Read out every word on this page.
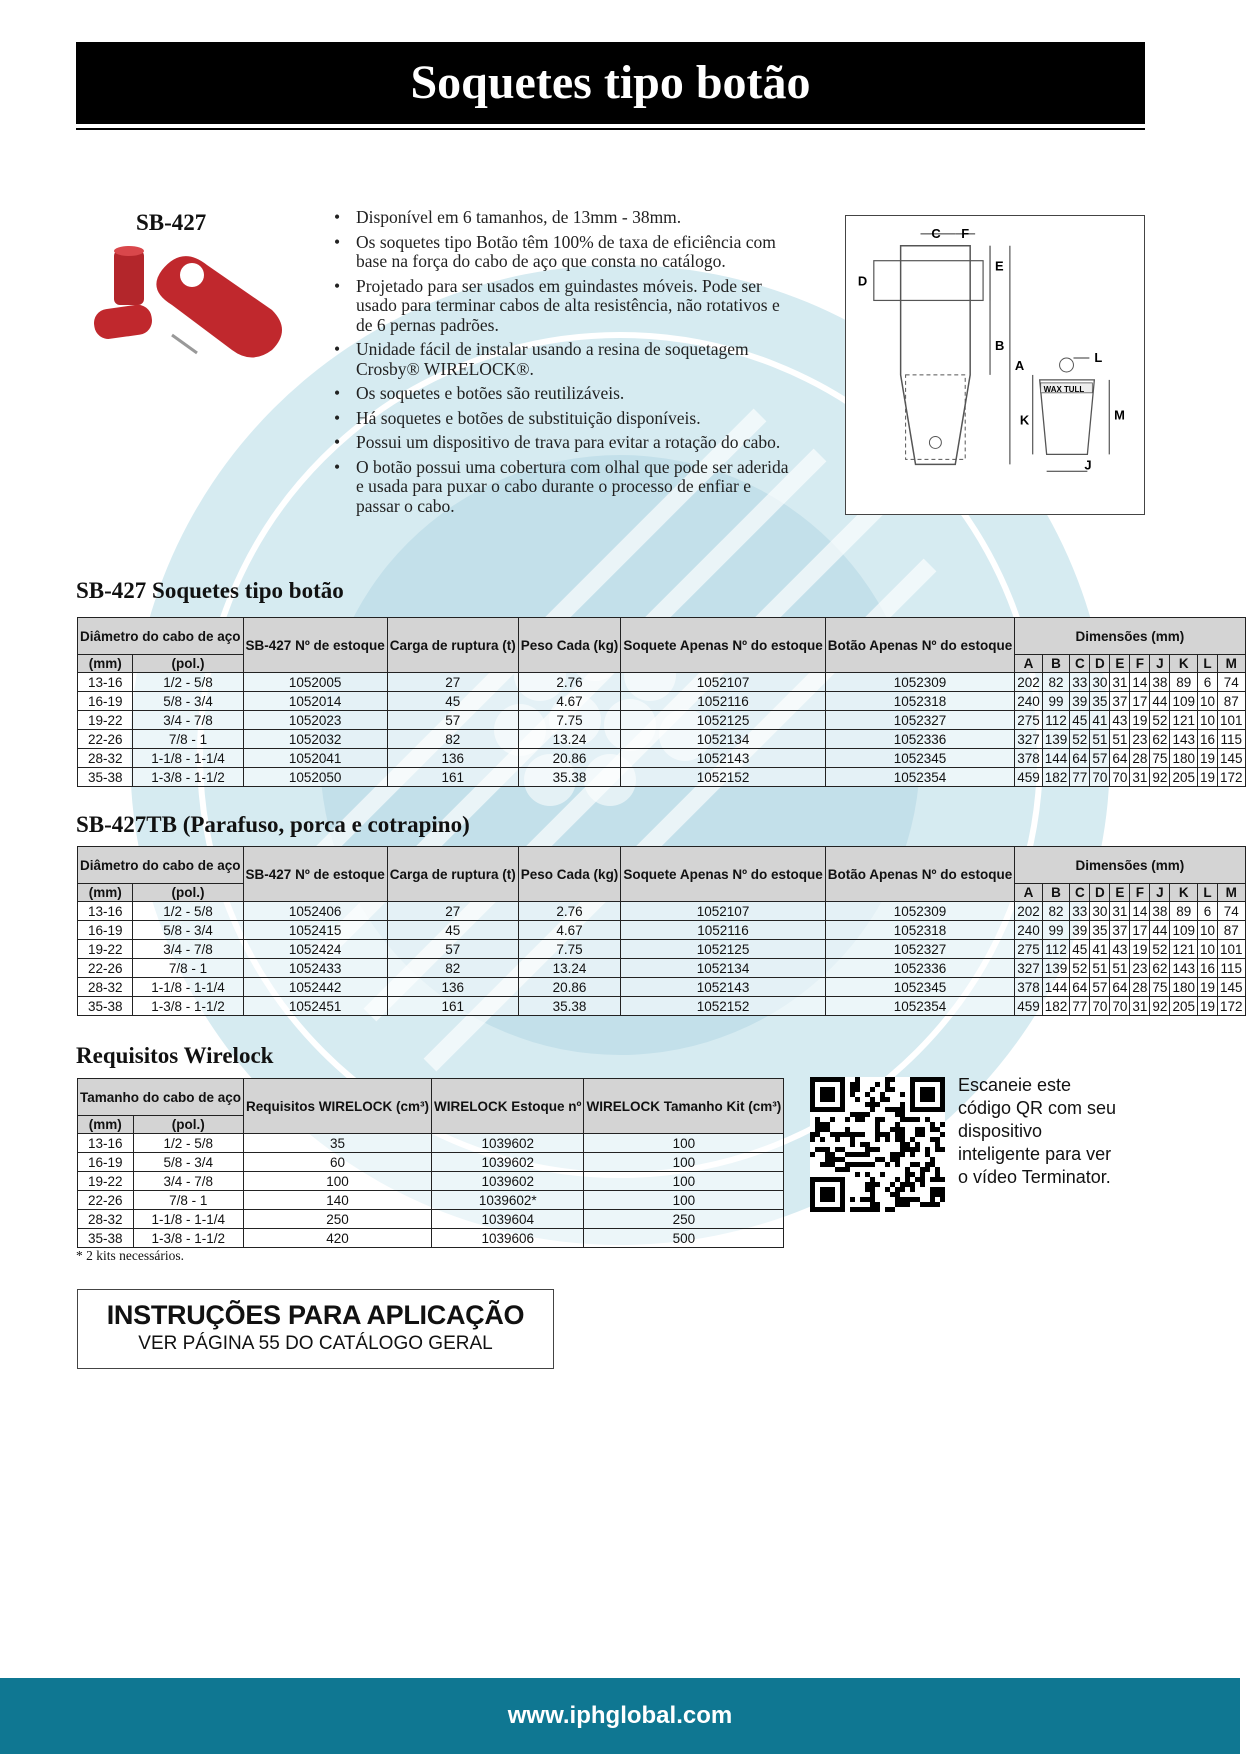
Soquetes tipo botão
SB-427	• Disponível em 6 tamanhos, de 13mm - 38mm.
• Os soquetes tipo Botão têm 100% de taxa de eficiência com base na força do cabo de aço que consta no catálogo.
• Projetado para ser usados em guindastes móveis. Pode ser usado para terminar cabos de alta resistência, não rotativos e de 6 pernas padrões.
• Unidade fácil de instalar usando a resina de soquetagem Crosby® WIRELOCK®.
• Os soquetes e botões são reutilizáveis.
• Há soquetes e botões de substituição disponíveis.
• Possui um dispositivo de trava para evitar a rotação do cabo.
• O botão possui uma cobertura com olhal que pode ser aderida e usada para puxar o cabo durante o processo de enfiar e passar o cabo.
C F
D
E
B
A
WAX TULL
L
K	M
J
SB-427 Soquetes tipo botão
Diâmetro do cabo de aço		SB-427 Nº de estoque	Carga de ruptura (t)	Peso Cada (kg)	Soquete Apenas Nº do estoque	Botão Apenas Nº do estoque	Dimensões (mm)									
(mm)	(pol.)						A	B	C	D	E	F	J	K	L	M
13-16	1/2 - 5/8	1052005	27	2.76	1052107	1052309	202	82	33	30	31	14	38	89	6	74
16-19	5/8 - 3/4	1052014	45	4.67	1052116	1052318	240	99	39	35	37	17	44	109	10	87
19-22	3/4 - 7/8	1052023	57	7.75	1052125	1052327	275	112	45	41	43	19	52	121	10	101
22-26	7/8 - 1	1052032	82	13.24	1052134	1052336	327	139	52	51	51	23	62	143	16	115
28-32	1-1/8 - 1-1/4	1052041	136	20.86	1052143	1052345	378	144	64	57	64	28	75	180	19	145
35-38	1-3/8 - 1-1/2	1052050	161	35.38	1052152	1052354	459	182	77	70	70	31	92	205	19	172
SB-427TB (Parafuso, porca e cotrapino)
Diâmetro do cabo de aço		SB-427 Nº de estoque	Carga de ruptura (t)	Peso Cada (kg)	Soquete Apenas Nº do estoque	Botão Apenas Nº do estoque	Dimensões (mm)									
(mm)	(pol.)						A	B	C	D	E	F	J	K	L	M
13-16	1/2 - 5/8	1052406	27	2.76	1052107	1052309	202	82	33	30	31	14	38	89	6	74
16-19	5/8 - 3/4	1052415	45	4.67	1052116	1052318	240	99	39	35	37	17	44	109	10	87
19-22	3/4 - 7/8	1052424	57	7.75	1052125	1052327	275	112	45	41	43	19	52	121	10	101
22-26	7/8 - 1	1052433	82	13.24	1052134	1052336	327	139	52	51	51	23	62	143	16	115
28-32	1-1/8 - 1-1/4	1052442	136	20.86	1052143	1052345	378	144	64	57	64	28	75	180	19	145
35-38	1-3/8 - 1-1/2	1052451	161	35.38	1052152	1052354	459	182	77	70	70	31	92	205	19	172
Requisitos Wirelock
Tamanho do cabo de aço		Requisitos WIRELOCK (cm³)	WIRELOCK Estoque nº	WIRELOCK Tamanho Kit (cm³)
(mm)	(pol.)			
13-16	1/2 - 5/8	35	1039602	100
16-19	5/8 - 3/4	60	1039602	100
19-22	3/4 - 7/8	100	1039602	100
22-26	7/8 - 1	140	1039602*	100
28-32	1-1/8 - 1-1/4	250	1039604	250
35-38	1-3/8 - 1-1/2	420	1039606	500
* 2 kits necessários.
INSTRUÇÕES PARA APLICAÇÃO
VER PÁGINA 55 DO CATÁLOGO GERAL
Escaneie este código QR com seu dispositivo inteligente para ver o vídeo Terminator.
www.iphglobal.com
